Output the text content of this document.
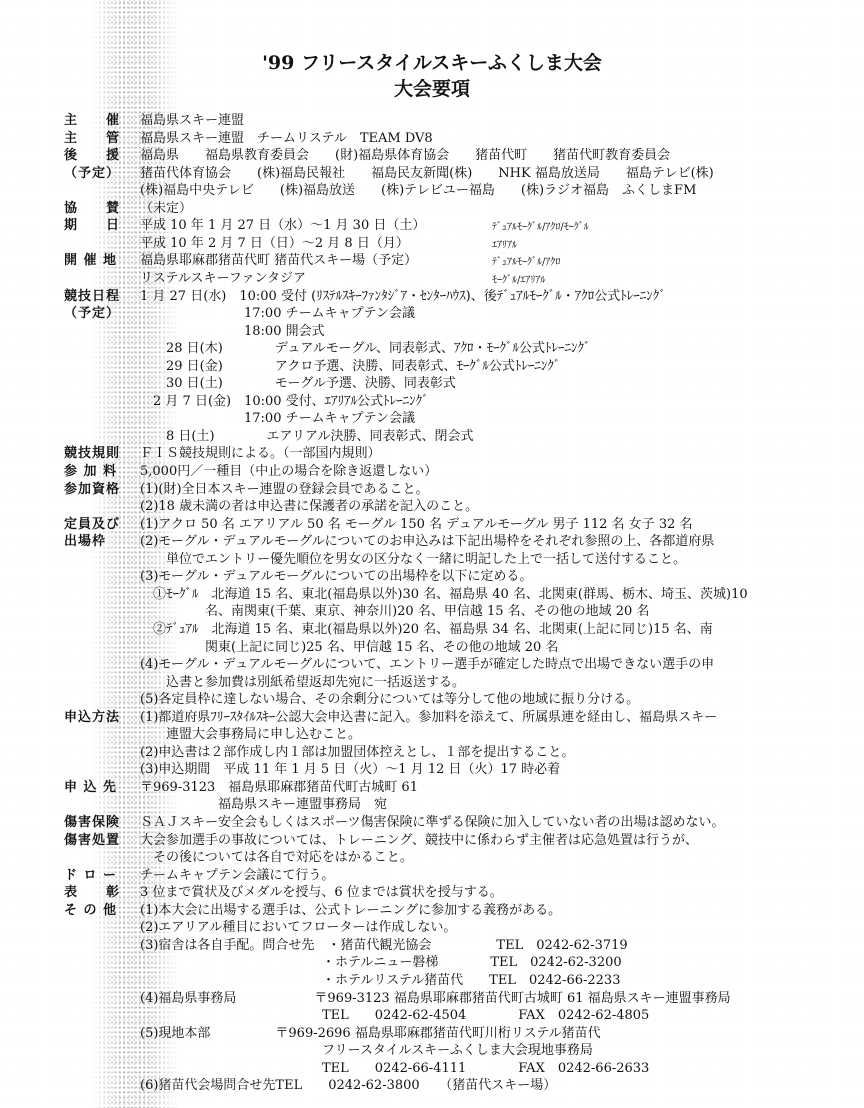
'99 フリースタイルスキーふくしま大会
大会要項
主　　催 福島県スキー連盟
主　　管 福島県スキー連盟　チームリステル　TEAM DV8
後　　援 福島県　　福島県教育委員会　　(財)福島県体育協会　　猪苗代町　　猪苗代町教育委員会
（予定） 猪苗代体育協会　　(株)福島民報社　　福島民友新聞(株)　　NHK 福島放送局　　福島テレビ(株)
(株)福島中央テレビ　　(株)福島放送　　(株)テレビユー福島　　(株)ラジオ福島　ふくしまFM
協　　賛 （未定）
期　　日 平成 10 年 1 月 27 日（水）～1 月 30 日（土）	ﾃﾞｭｱﾙﾓｰｸﾞﾙ/ｱｸﾛ/ﾓｰｸﾞﾙ
平成 10 年 2 月 7 日（日）～2 月 8 日（月）	ｴｱﾘｱﾙ
開 催 地 福島県耶麻郡猪苗代町 猪苗代スキー場（予定）	ﾃﾞｭｱﾙﾓｰｸﾞﾙ/ｱｸﾛ
リステルスキーファンタジア	ﾓｰｸﾞﾙ/ｴｱﾘｱﾙ
競技日程 1 月 27 日(水)　10:00 受付 (ﾘｽﾃﾙｽｷｰﾌｧﾝﾀｼﾞｱ・ｾﾝﾀｰﾊｳｽ)、後ﾃﾞｭｱﾙﾓｰｸﾞﾙ・ｱｸﾛ公式ﾄﾚｰﾆﾝｸﾞ
（予定） 　　　　　　　　17:00 チームキャプテン会議
　　　　　　　　18:00 開会式
　　28 日(木)　　　　デュアルモーグル、同表彰式、ｱｸﾛ・ﾓｰｸﾞﾙ公式ﾄﾚｰﾆﾝｸﾞ
　　29 日(金)　　　　アクロ予選、決勝、同表彰式、ﾓｰｸﾞﾙ公式ﾄﾚｰﾆﾝｸﾞ
　　30 日(土)　　　　モーグル予選、決勝、同表彰式
　2 月 7 日(金)　10:00 受付、ｴｱﾘｱﾙ公式ﾄﾚｰﾆﾝｸﾞ
　　　　　　　　17:00 チームキャプテン会議
　　8 日(土)　　　　エアリアル決勝、同表彰式、閉会式
競技規則 ＦＩＳ競技規則による。（一部国内規則）
参 加 料 5,000円／一種目（中止の場合を除き返還しない）
参加資格 (1)(財)全日本スキー連盟の登録会員であること。
(2)18 歳未満の者は申込書に保護者の承諾を記入のこと。
定員及び (1)アクロ 50 名 エアリアル 50 名 モーグル 150 名 デュアルモーグル 男子 112 名 女子 32 名
出場枠	(2)モーグル・デュアルモーグルについてのお申込みは下記出場枠をそれぞれ参照の上、各都道府県
　　単位でエントリー優先順位を男女の区分なく一緒に明記した上で一括して送付すること。
(3)モーグル・デュアルモーグルについての出場枠を以下に定める。
　①ﾓｰｸﾞﾙ　北海道 15 名、東北(福島県以外)30 名、福島県 40 名、北関東(群馬、栃木、埼玉、茨城)10
　　　　　名、南関東(千葉、東京、神奈川)20 名、甲信越 15 名、その他の地域 20 名
　②ﾃﾞｭｱﾙ　北海道 15 名、東北(福島県以外)20 名、福島県 34 名、北関東(上記に同じ)15 名、南
　　　　　関東(上記に同じ)25 名、甲信越 15 名、その他の地域 20 名
(4)モーグル・デュアルモーグルについて、エントリー選手が確定した時点で出場できない選手の申
　　込書と参加費は別紙希望返却先宛に一括返送する。
(5)各定員枠に達しない場合、その余剰分については等分して他の地域に振り分ける。
申込方法 (1)都道府県ﾌﾘｰｽﾀｲﾙｽｷｰ公認大会申込書に記入。参加料を添えて、所属県連を経由し、福島県スキー
　　連盟大会事務局に申し込むこと。
(2)申込書は２部作成し内１部は加盟団体控えとし、１部を提出すること。
(3)申込期間　平成 11 年 1 月 5 日（火）～1 月 12 日（火）17 時必着
申 込 先 〒969-3123　福島県耶麻郡猪苗代町古城町 61
　　　　　　福島県スキー連盟事務局　宛
傷害保険 ＳＡＪスキー安全会もしくはスポーツ傷害保険に準ずる保険に加入していない者の出場は認めない。
傷害処置 大会参加選手の事故については、トレーニング、競技中に係わらず主催者は応急処置は行うが、
　その後については各自で対応をはかること。
ド ロ ー チームキャプテン会議にて行う。
表　　彰 3 位まで賞状及びメダルを授与、6 位までは賞状を授与する。
そ の 他 (1)本大会に出場する選手は、公式トレーニングに参加する義務がある。
(2)エアリアル種目においてフローターは作成しない。
(3)宿舎は各自手配。問合せ先　・猪苗代観光協会　　　　　TEL　0242-62-3719
　　　　　　　　　　　　　　・ホテルニュー磐梯　　　　TEL　0242-62-3200
　　　　　　　　　　　　　　・ホテルリステル猪苗代　　TEL　0242-66-2233
(4)福島県事務局　　　　　　〒969-3123 福島県耶麻郡猪苗代町古城町 61 福島県スキー連盟事務局
　　　　　　　　　　　　　　TEL　　0242-62-4504　　　　FAX　0242-62-4805
(5)現地本部　　　　　〒969-2696 福島県耶麻郡猪苗代町川桁リステル猪苗代
　　　　　　　　　　　　　　フリースタイルスキーふくしま大会現地事務局
　　　　　　　　　　　　　　TEL　　0242-66-4111　　　　FAX　0242-66-2633
(6)猪苗代会場問合せ先TEL　　0242-62-3800　　（猪苗代スキー場）
